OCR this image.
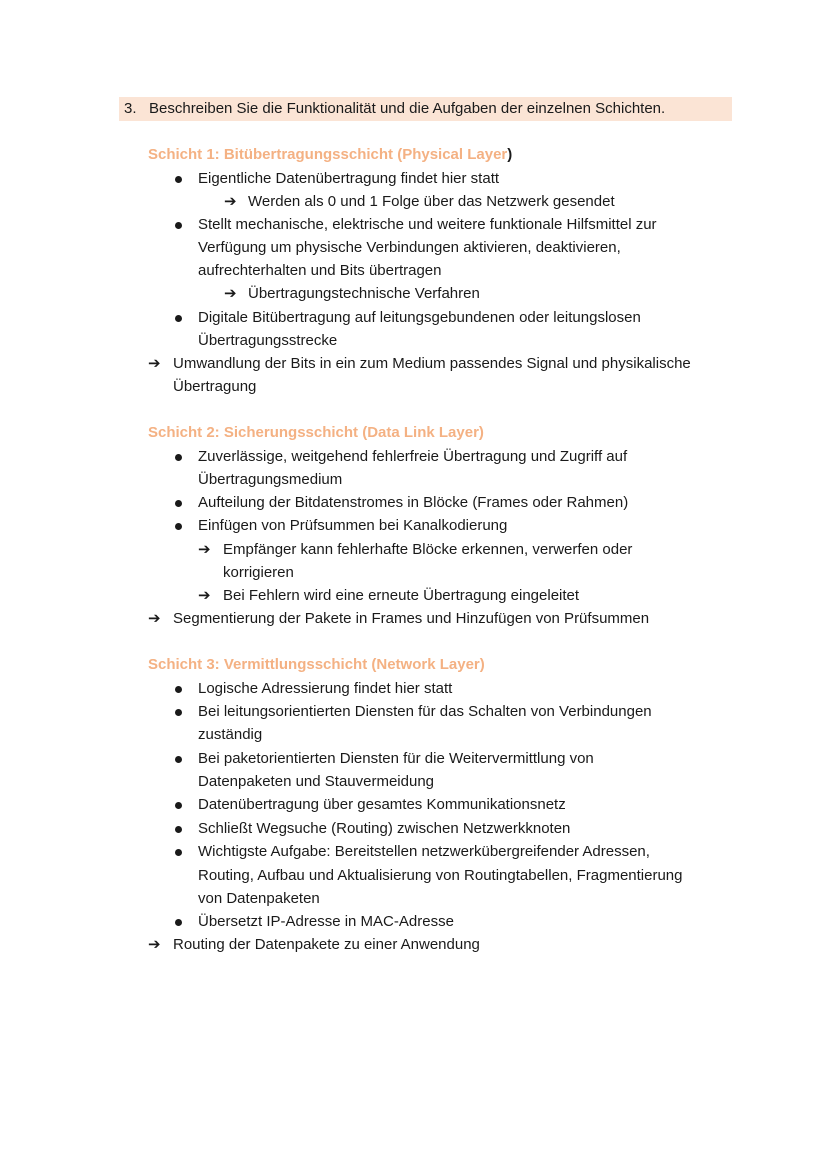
3. Beschreiben Sie die Funktionalität und die Aufgaben der einzelnen Schichten.
Schicht 1: Bitübertragungsschicht (Physical Layer)
Eigentliche Datenübertragung findet hier statt
➔ Werden als 0 und 1 Folge über das Netzwerk gesendet
Stellt mechanische, elektrische und weitere funktionale Hilfsmittel zur
Verfügung um physische Verbindungen aktivieren, deaktivieren,
aufrechterhalten und Bits übertragen
➔ Übertragungstechnische Verfahren
Digitale Bitübertragung auf leitungsgebundenen oder leitungslosen
Übertragungsstrecke
➔ Umwandlung der Bits in ein zum Medium passendes Signal und physikalische
Übertragung
Schicht 2: Sicherungsschicht (Data Link Layer)
Zuverlässige, weitgehend fehlerfreie Übertragung und Zugriff auf
Übertragungsmedium
Aufteilung der Bitdatenstromes in Blöcke (Frames oder Rahmen)
Einfügen von Prüfsummen bei Kanalkodierung
➔ Empfänger kann fehlerhafte Blöcke erkennen, verwerfen oder
korrigieren
➔ Bei Fehlern wird eine erneute Übertragung eingeleitet
➔ Segmentierung der Pakete in Frames und Hinzufügen von Prüfsummen
Schicht 3: Vermittlungsschicht (Network Layer)
Logische Adressierung findet hier statt
Bei leitungsorientierten Diensten für das Schalten von Verbindungen
zuständig
Bei paketorientierten Diensten für die Weitervermittlung von
Datenpaketen und Stauvermeidung
Datenübertragung über gesamtes Kommunikationsnetz
Schließt Wegsuche (Routing) zwischen Netzwerkknoten
Wichtigste Aufgabe: Bereitstellen netzwerkübergreifender Adressen,
Routing, Aufbau und Aktualisierung von Routingtabellen, Fragmentierung
von Datenpaketen
Übersetzt IP-Adresse in MAC-Adresse
➔ Routing der Datenpakete zu einer Anwendung
